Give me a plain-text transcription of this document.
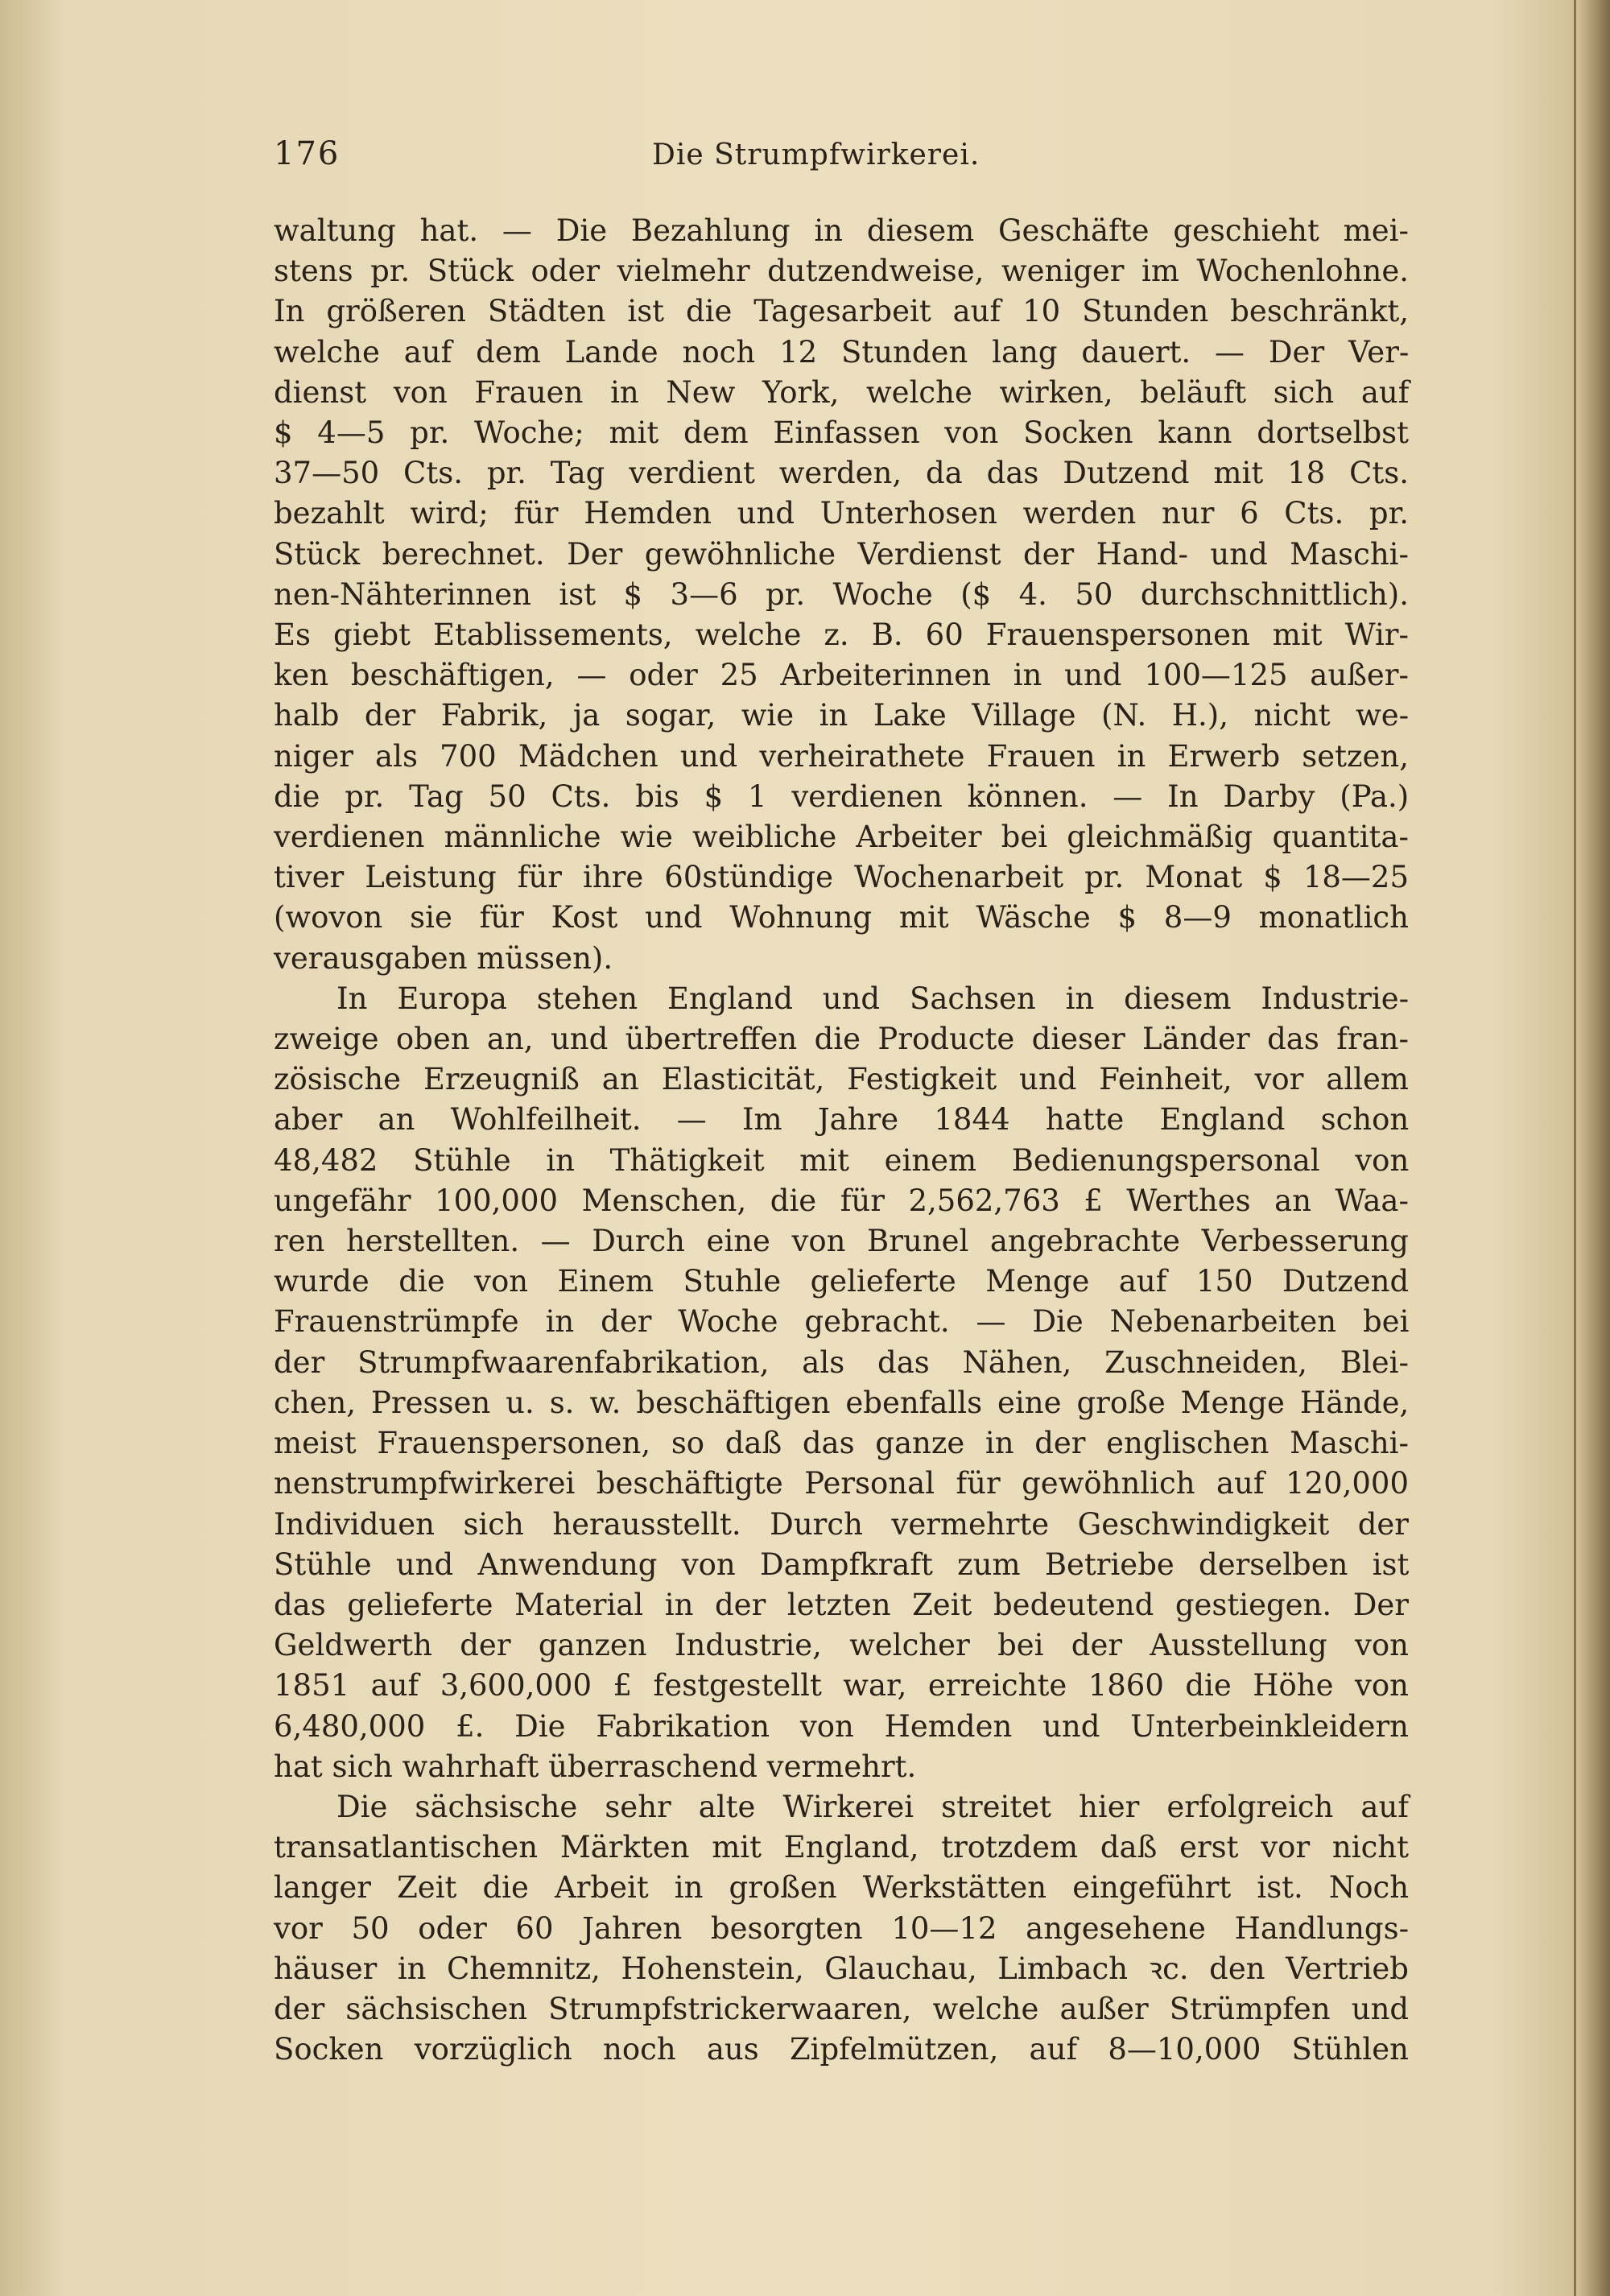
176	Die Strumpfwirkerei.

waltung hat. — Die Bezahlung in diesem Geschäfte geschieht mei-
stens pr. Stück oder vielmehr dutzendweise, weniger im Wochenlohne.
In größeren Städten ist die Tagesarbeit auf 10 Stunden beschränkt,
welche auf dem Lande noch 12 Stunden lang dauert. — Der Ver-
dienst von Frauen in New York, welche wirken, beläuft sich auf
$ 4—5 pr. Woche; mit dem Einfassen von Socken kann dortselbst
37—50 Cts. pr. Tag verdient werden, da das Dutzend mit 18 Cts.
bezahlt wird; für Hemden und Unterhosen werden nur 6 Cts. pr.
Stück berechnet. Der gewöhnliche Verdienst der Hand- und Maschi-
nen-Nähterinnen ist $ 3—6 pr. Woche ($ 4. 50 durchschnittlich).
Es giebt Etablissements, welche z. B. 60 Frauenspersonen mit Wir-
ken beschäftigen, — oder 25 Arbeiterinnen in und 100—125 außer-
halb der Fabrik, ja sogar, wie in Lake Village (N. H.), nicht we-
niger als 700 Mädchen und verheirathete Frauen in Erwerb setzen,
die pr. Tag 50 Cts. bis $ 1 verdienen können. — In Darby (Pa.)
verdienen männliche wie weibliche Arbeiter bei gleichmäßig quantita-
tiver Leistung für ihre 60stündige Wochenarbeit pr. Monat $ 18—25
(wovon sie für Kost und Wohnung mit Wäsche $ 8—9 monatlich
verausgaben müssen).

In Europa stehen England und Sachsen in diesem Industrie-
zweige oben an, und übertreffen die Producte dieser Länder das fran-
zösische Erzeugniß an Elasticität, Festigkeit und Feinheit, vor allem
aber an Wohlfeilheit. — Im Jahre 1844 hatte England schon
48,482 Stühle in Thätigkeit mit einem Bedienungspersonal von
ungefähr 100,000 Menschen, die für 2,562,763 £ Werthes an Waa-
ren herstellten. — Durch eine von Brunel angebrachte Verbesserung
wurde die von Einem Stuhle gelieferte Menge auf 150 Dutzend
Frauenstrümpfe in der Woche gebracht. — Die Nebenarbeiten bei
der Strumpfwaarenfabrikation, als das Nähen, Zuschneiden, Blei-
chen, Pressen u. s. w. beschäftigen ebenfalls eine große Menge Hände,
meist Frauenspersonen, so daß das ganze in der englischen Maschi-
nenstrumpfwirkerei beschäftigte Personal für gewöhnlich auf 120,000
Individuen sich herausstellt. Durch vermehrte Geschwindigkeit der
Stühle und Anwendung von Dampfkraft zum Betriebe derselben ist
das gelieferte Material in der letzten Zeit bedeutend gestiegen. Der
Geldwerth der ganzen Industrie, welcher bei der Ausstellung von
1851 auf 3,600,000 £ festgestellt war, erreichte 1860 die Höhe von
6,480,000 £. Die Fabrikation von Hemden und Unterbeinkleidern
hat sich wahrhaft überraschend vermehrt.

Die sächsische sehr alte Wirkerei streitet hier erfolgreich auf
transatlantischen Märkten mit England, trotzdem daß erst vor nicht
langer Zeit die Arbeit in großen Werkstätten eingeführt ist. Noch
vor 50 oder 60 Jahren besorgten 10—12 angesehene Handlungs-
häuser in Chemnitz, Hohenstein, Glauchau, Limbach ꝛc. den Vertrieb
der sächsischen Strumpfstrickerwaaren, welche außer Strümpfen und
Socken vorzüglich noch aus Zipfelmützen, auf 8—10,000 Stühlen
